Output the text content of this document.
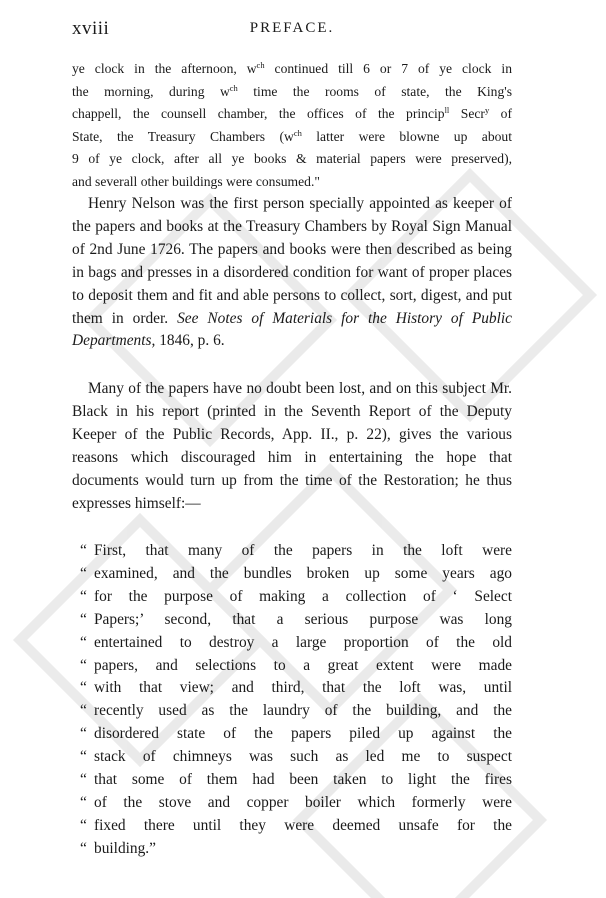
xviii	PREFACE.
ye clock in the afternoon, $w^{ch}$ continued till 6 or 7 of ye clock in
the morning, during $w^{ch}$ time the rooms of state, the King's
chappell, the counsell chamber, the offices of the princip$^{ll}$ Secr$^y$ of
State, the Treasury Chambers ($w^{ch}$ latter were blowne up about
9 of ye clock, after all ye books & material papers were preserved),
and severall other buildings were consumed."

Henry Nelson was the first person specially appointed as keeper of the papers and books at the Treasury Chambers by Royal Sign Manual of 2nd June 1726. The papers and books were then described as being in bags and presses in a disordered condition for want of proper places to deposit them and fit and able persons to collect, sort, digest, and put them in order. See Notes of Materials for the History of Public Departments, 1846, p. 6.

Many of the papers have no doubt been lost, and on this subject Mr. Black in his report (printed in the Seventh Report of the Deputy Keeper of the Public Records, App. II., p. 22), gives the various reasons which discouraged him in entertaining the hope that documents would turn up from the time of the Restoration; he thus expresses himself:—

“ First, that many of the papers in the loft were
“ examined, and the bundles broken up some years ago
“ for the purpose of making a collection of ‘ Select
“ Papers;’ second, that a serious purpose was long
“ entertained to destroy a large proportion of the old
“ papers, and selections to a great extent were made
“ with that view; and third, that the loft was, until
“ recently used as the laundry of the building, and the
“ disordered state of the papers piled up against the
“ stack of chimneys was such as led me to suspect
“ that some of them had been taken to light the fires
“ of the stove and copper boiler which formerly were
“ fixed there until they were deemed unsafe for the
“ building.”
